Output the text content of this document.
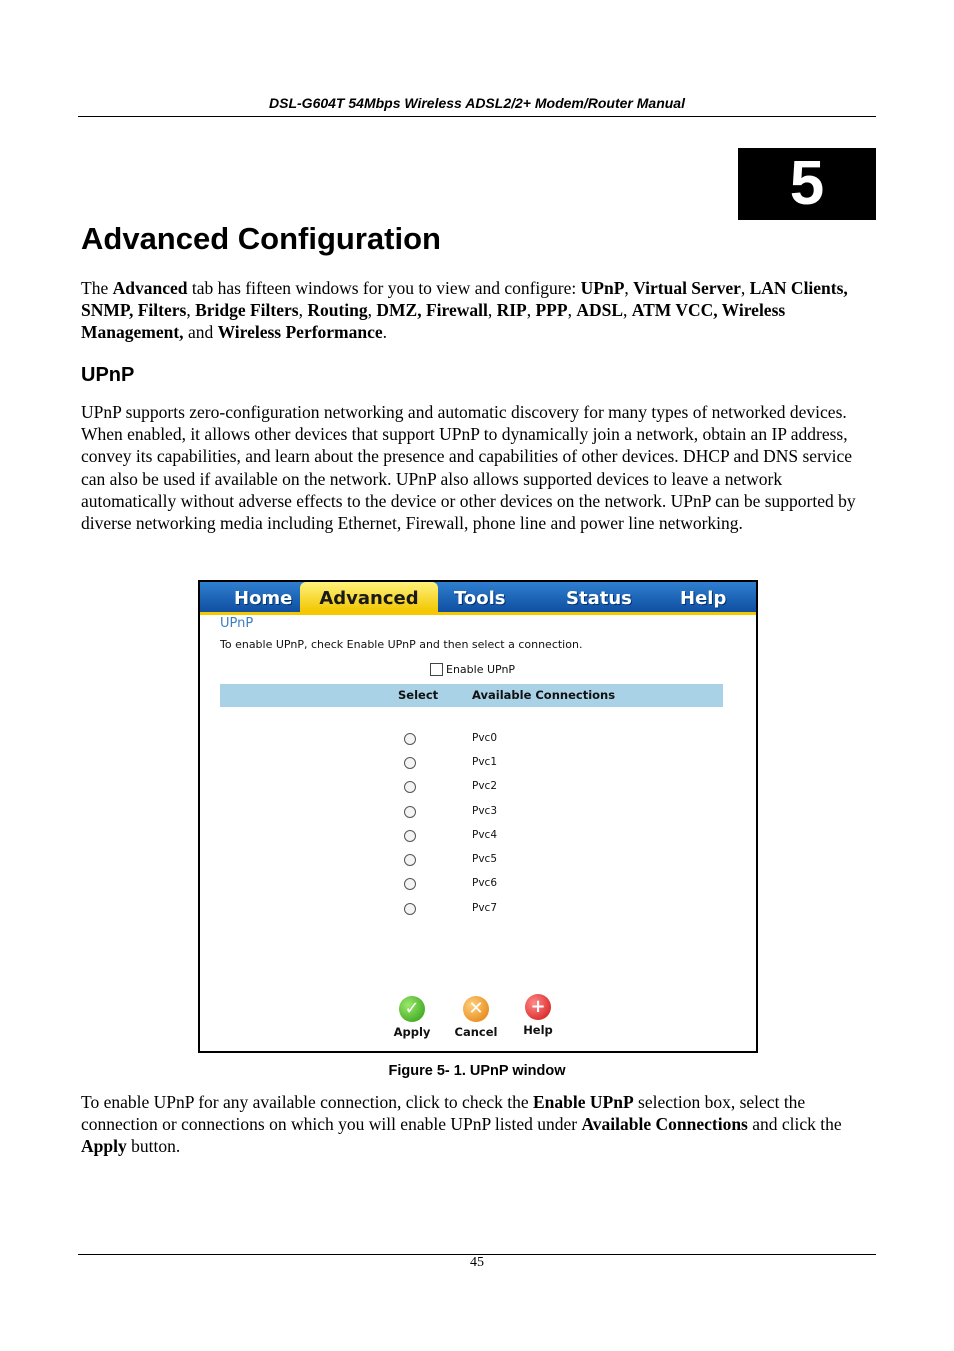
DSL-G604T 54Mbps Wireless ADSL2/2+ Modem/Router Manual
5
Advanced Configuration

The Advanced tab has fifteen windows for you to view and configure: UPnP, Virtual Server, LAN Clients, SNMP, Filters, Bridge Filters, Routing, DMZ, Firewall, RIP, PPP, ADSL, ATM VCC, Wireless Management, and Wireless Performance.

UPnP

UPnP supports zero-configuration networking and automatic discovery for many types of networked devices. When enabled, it allows other devices that support UPnP to dynamically join a network, obtain an IP address, convey its capabilities, and learn about the presence and capabilities of other devices. DHCP and DNS service can also be used if available on the network. UPnP also allows supported devices to leave a network automatically without adverse effects to the device or other devices on the network. UPnP can be supported by diverse networking media including Ethernet, Firewall, phone line and power line networking.

Home	Advanced	Tools	Status	Help
UPnP
To enable UPnP, check Enable UPnP and then select a connection.
Enable UPnP
Select	Available Connections
Pvc0
Pvc1
Pvc2
Pvc3
Pvc4
Pvc5
Pvc6
Pvc7
✓
Apply
✕
Cancel
+
Help
Figure 5- 1. UPnP window

To enable UPnP for any available connection, click to check the Enable UPnP selection box, select the connection or connections on which you will enable UPnP listed under Available Connections and click the Apply button.

45
